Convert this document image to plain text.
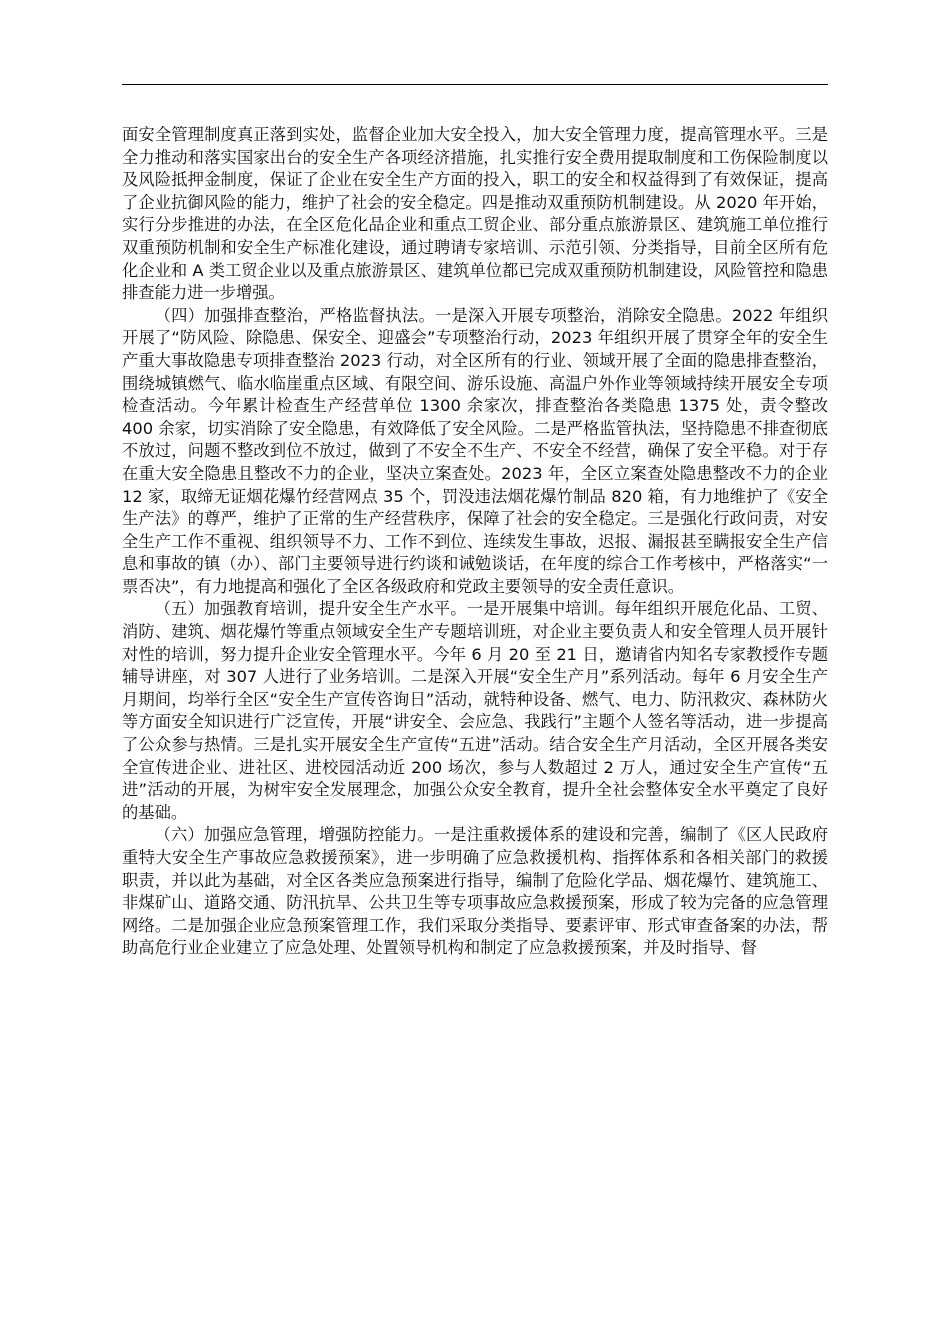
面安全管理制度真正落到实处，监督企业加大安全投入，加大安全管理力度，提高管理水平。三是全力推动和落实国家出台的安全生产各项经济措施，扎实推行安全费用提取制度和工伤保险制度以及风险抵押金制度，保证了企业在安全生产方面的投入，职工的安全和权益得到了有效保证，提高了企业抗御风险的能力，维护了社会的安全稳定。四是推动双重预防机制建设。从 2020 年开始，实行分步推进的办法，在全区危化品企业和重点工贸企业、部分重点旅游景区、建筑施工单位推行双重预防机制和安全生产标准化建设，通过聘请专家培训、示范引领、分类指导，目前全区所有危化企业和 A 类工贸企业以及重点旅游景区、建筑单位都已完成双重预防机制建设，风险管控和隐患排查能力进一步增强。

（四）加强排查整治，严格监督执法。一是深入开展专项整治，消除安全隐患。2022 年组织开展了“防风险、除隐患、保安全、迎盛会”专项整治行动，2023 年组织开展了贯穿全年的安全生产重大事故隐患专项排查整治 2023 行动，对全区所有的行业、领域开展了全面的隐患排查整治，围绕城镇燃气、临水临崖重点区域、有限空间、游乐设施、高温户外作业等领域持续开展安全专项检查活动。今年累计检查生产经营单位 1300 余家次，排查整治各类隐患 1375 处，责令整改 400 余家，切实消除了安全隐患，有效降低了安全风险。二是严格监管执法，坚持隐患不排查彻底不放过，问题不整改到位不放过，做到了不安全不生产、不安全不经营，确保了安全平稳。对于存在重大安全隐患且整改不力的企业，坚决立案查处。2023 年，全区立案查处隐患整改不力的企业 12 家，取缔无证烟花爆竹经营网点 35 个，罚没违法烟花爆竹制品 820 箱，有力地维护了《安全生产法》的尊严，维护了正常的生产经营秩序，保障了社会的安全稳定。三是强化行政问责，对安全生产工作不重视、组织领导不力、工作不到位、连续发生事故，迟报、漏报甚至瞒报安全生产信息和事故的镇（办）、部门主要领导进行约谈和诫勉谈话，在年度的综合工作考核中，严格落实“一票否决”，有力地提高和强化了全区各级政府和党政主要领导的安全责任意识。

（五）加强教育培训，提升安全生产水平。一是开展集中培训。每年组织开展危化品、工贸、消防、建筑、烟花爆竹等重点领域安全生产专题培训班，对企业主要负责人和安全管理人员开展针对性的培训，努力提升企业安全管理水平。今年 6 月 20 至 21 日，邀请省内知名专家教授作专题辅导讲座，对 307 人进行了业务培训。二是深入开展“安全生产月”系列活动。每年 6 月安全生产月期间，均举行全区“安全生产宣传咨询日”活动，就特种设备、燃气、电力、防汛救灾、森林防火等方面安全知识进行广泛宣传，开展“讲安全、会应急、我践行”主题个人签名等活动，进一步提高了公众参与热情。三是扎实开展安全生产宣传“五进”活动。结合安全生产月活动，全区开展各类安全宣传进企业、进社区、进校园活动近 200 场次，参与人数超过 2 万人，通过安全生产宣传“五进”活动的开展，为树牢安全发展理念，加强公众安全教育，提升全社会整体安全水平奠定了良好的基础。

（六）加强应急管理，增强防控能力。一是注重救援体系的建设和完善，编制了《区人民政府重特大安全生产事故应急救援预案》，进一步明确了应急救援机构、指挥体系和各相关部门的救援职责，并以此为基础，对全区各类应急预案进行指导，编制了危险化学品、烟花爆竹、建筑施工、非煤矿山、道路交通、防汛抗旱、公共卫生等专项事故应急救援预案，形成了较为完备的应急管理网络。二是加强企业应急预案管理工作，我们采取分类指导、要素评审、形式审查备案的办法，帮助高危行业企业建立了应急处理、处置领导机构和制定了应急救援预案，并及时指导、督
